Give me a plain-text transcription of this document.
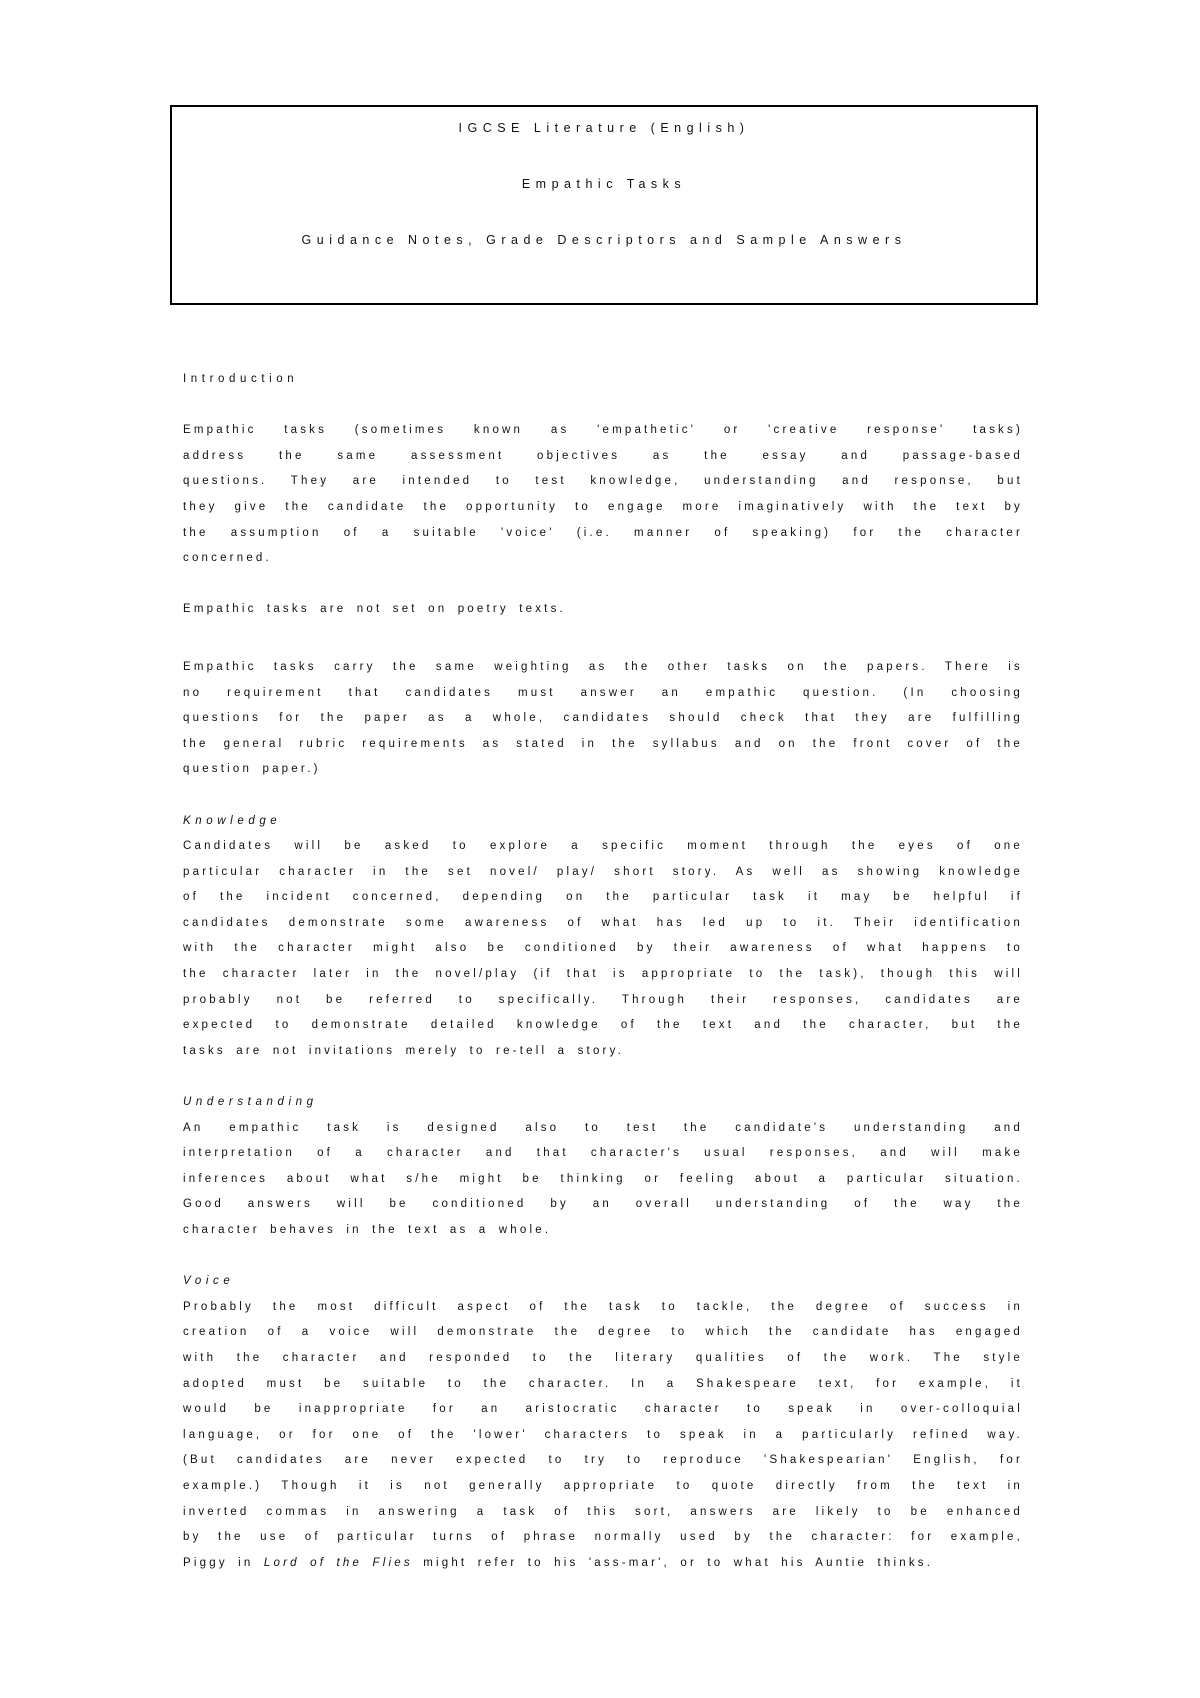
IGCSE Literature (English)
Empathic Tasks
Guidance Notes, Grade Descriptors and Sample Answers
Introduction
Empathic tasks (sometimes known as 'empathetic' or 'creative response' tasks)
address the same assessment objectives as the essay and passage-based
questions. They are intended to test knowledge, understanding and response, but
they give the candidate the opportunity to engage more imaginatively with the text by
the assumption of a suitable 'voice' (i.e. manner of speaking) for the character
concerned.
Empathic tasks are not set on poetry texts.
Empathic tasks carry the same weighting as the other tasks on the papers. There is
no requirement that candidates must answer an empathic question. (In choosing
questions for the paper as a whole, candidates should check that they are fulfilling
the general rubric requirements as stated in the syllabus and on the front cover of the
question paper.)
Knowledge
Candidates will be asked to explore a specific moment through the eyes of one
particular character in the set novel/ play/ short story. As well as showing knowledge
of the incident concerned, depending on the particular task it may be helpful if
candidates demonstrate some awareness of what has led up to it. Their identification
with the character might also be conditioned by their awareness of what happens to
the character later in the novel/play (if that is appropriate to the task), though this will
probably not be referred to specifically. Through their responses, candidates are
expected to demonstrate detailed knowledge of the text and the character, but the
tasks are not invitations merely to re-tell a story.
Understanding
An empathic task is designed also to test the candidate's understanding and
interpretation of a character and that character's usual responses, and will make
inferences about what s/he might be thinking or feeling about a particular situation.
Good answers will be conditioned by an overall understanding of the way the
character behaves in the text as a whole.
Voice
Probably the most difficult aspect of the task to tackle, the degree of success in
creation of a voice will demonstrate the degree to which the candidate has engaged
with the character and responded to the literary qualities of the work. The style
adopted must be suitable to the character. In a Shakespeare text, for example, it
would be inappropriate for an aristocratic character to speak in over-colloquial
language, or for one of the 'lower' characters to speak in a particularly refined way.
(But candidates are never expected to try to reproduce 'Shakespearian' English, for
example.) Though it is not generally appropriate to quote directly from the text in
inverted commas in answering a task of this sort, answers are likely to be enhanced
by the use of particular turns of phrase normally used by the character: for example,
Piggy in Lord of the Flies might refer to his 'ass-mar', or to what his Auntie thinks.
